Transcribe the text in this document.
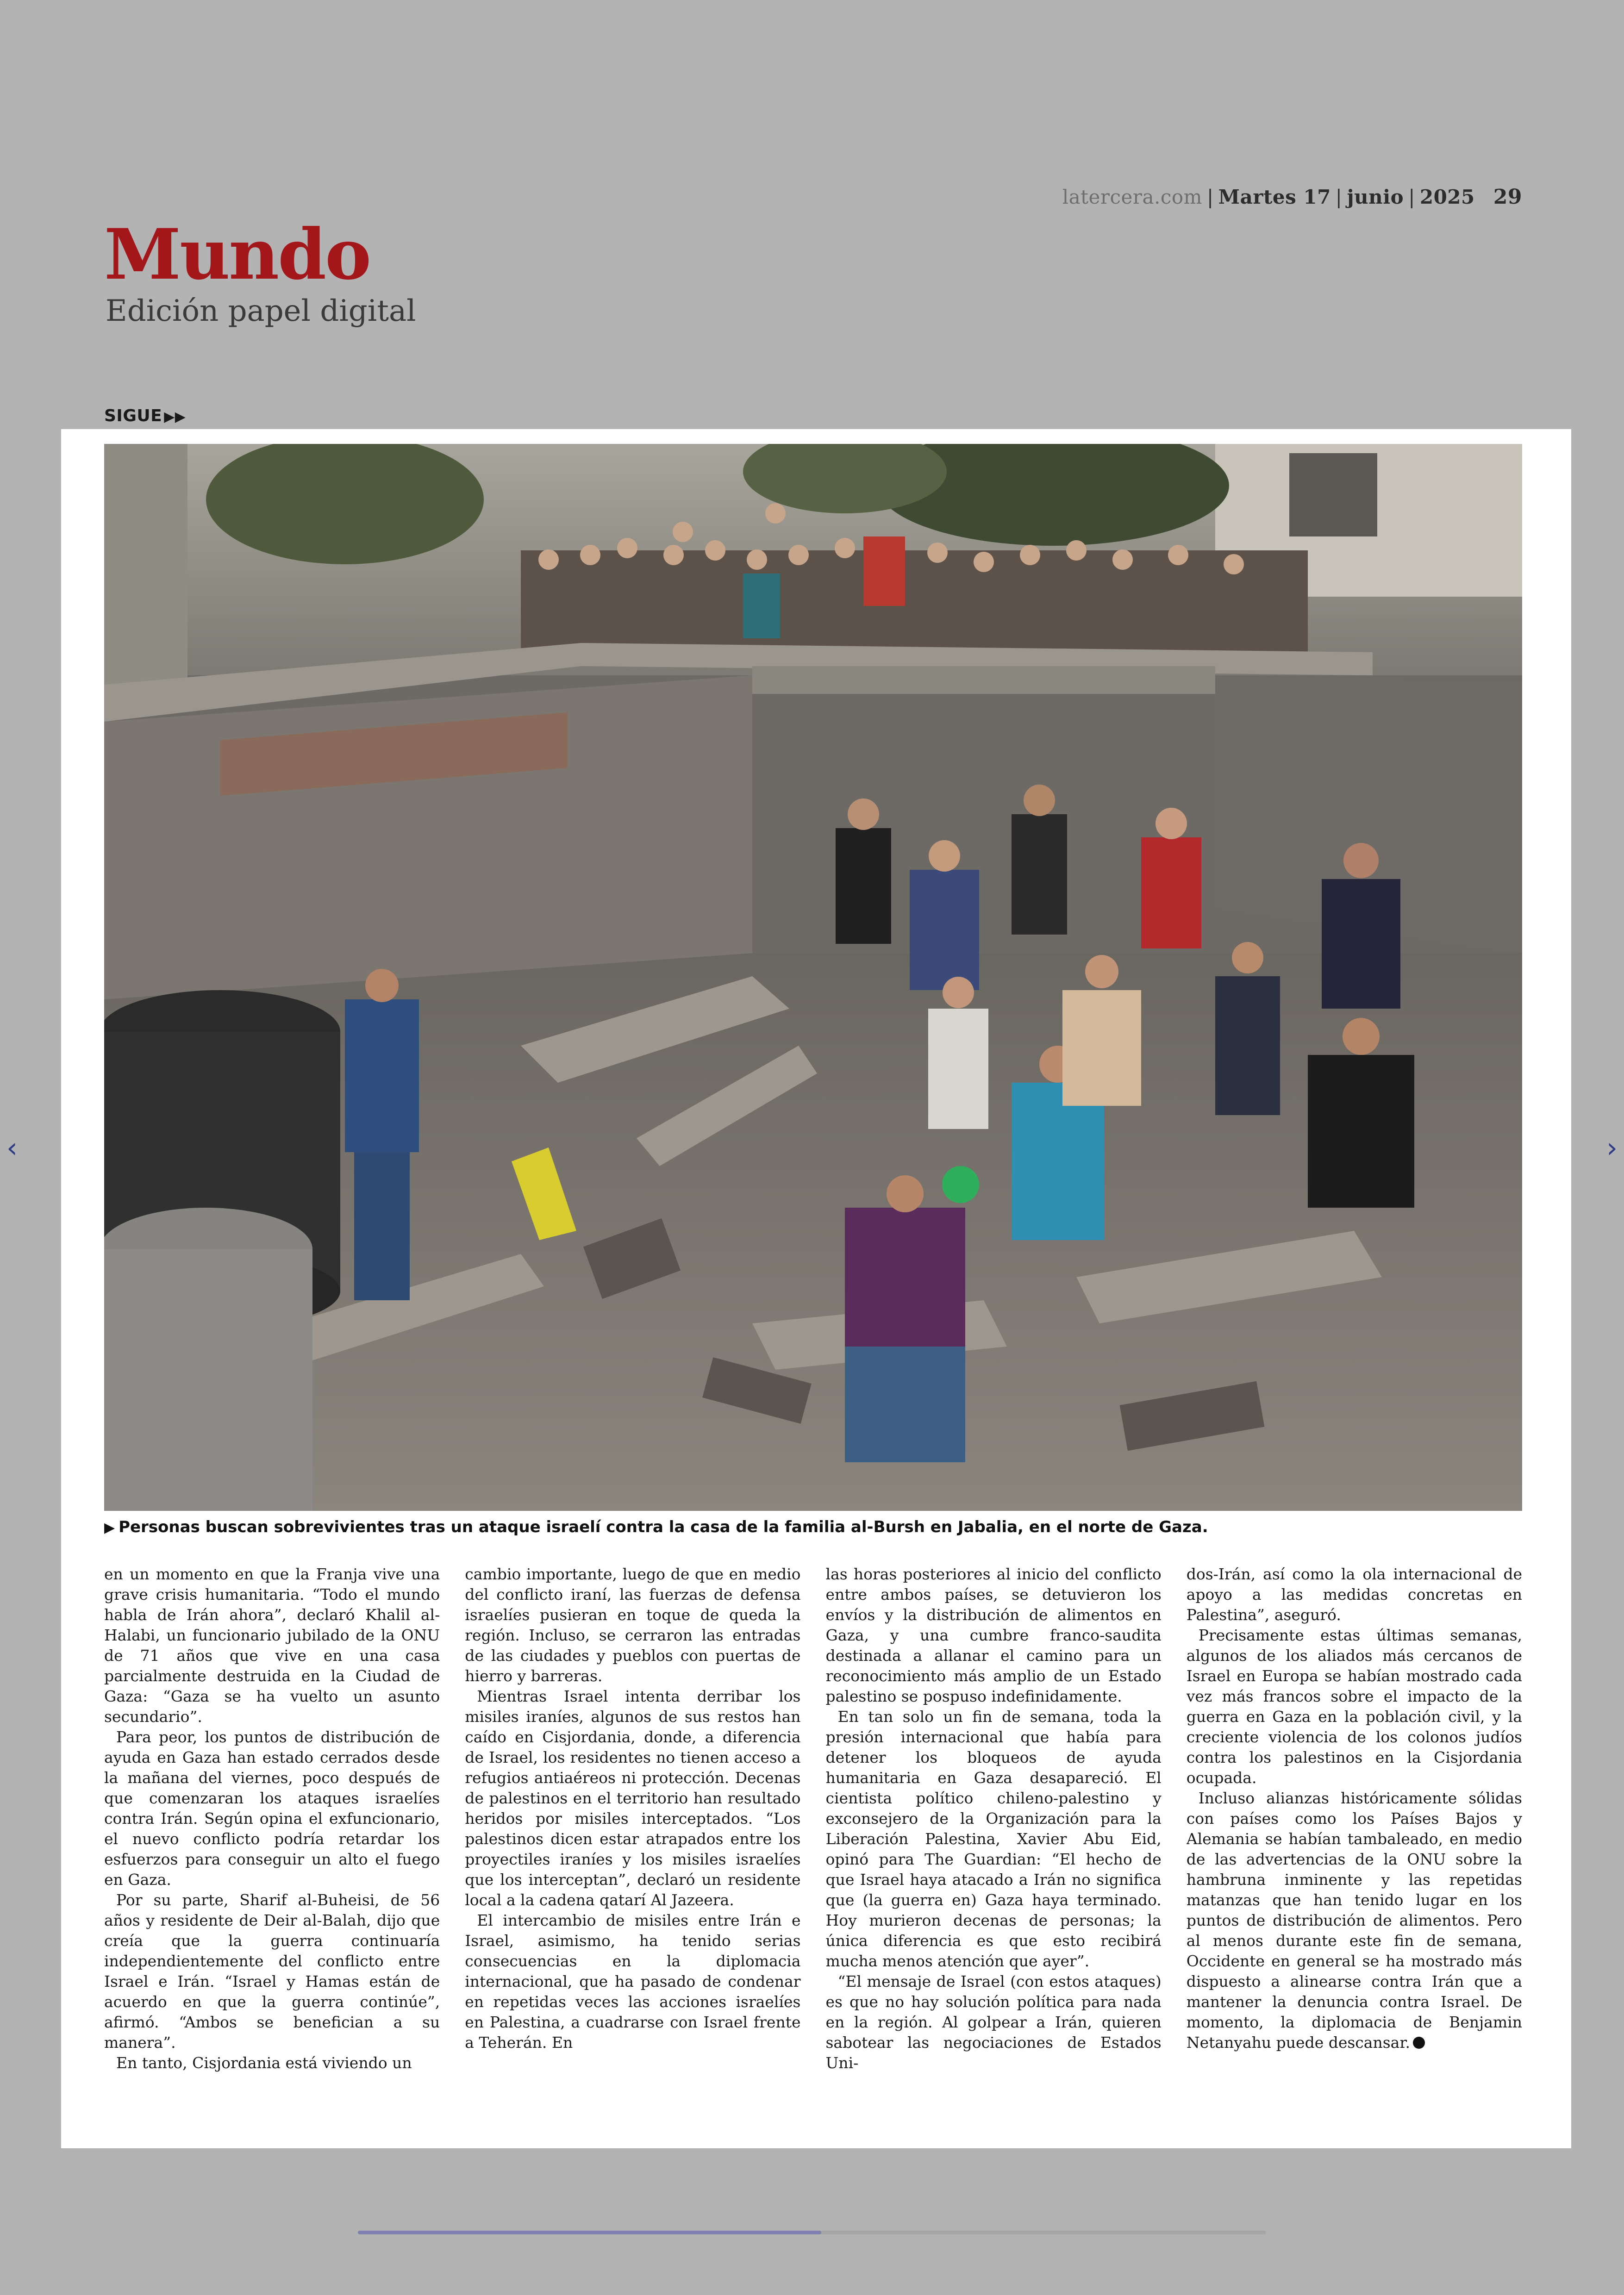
latercera.com | Martes 17 | junio | 2025 29
Mundo
Edición papel digital
SIGUE ▶▶
▶ Personas buscan sobrevivientes tras un ataque israelí contra la casa de la familia al-Bursh en Jabalia, en el norte de Gaza.

en un momento en que la Franja vive una grave crisis humanitaria. “Todo el mundo habla de Irán ahora”, declaró Khalil al-Halabi, un funcionario jubilado de la ONU de 71 años que vive en una casa parcialmente destruida en la Ciudad de Gaza: “Gaza se ha vuelto un asunto secundario”.

Para peor, los puntos de distribución de ayuda en Gaza han estado cerrados desde la mañana del viernes, poco después de que comenzaran los ataques israelíes contra Irán. Según opina el exfuncionario, el nuevo conflicto podría retardar los esfuerzos para conseguir un alto el fuego en Gaza.

Por su parte, Sharif al-Buheisi, de 56 años y residente de Deir al-Balah, dijo que creía que la guerra continuaría independientemente del conflicto entre Israel e Irán. “Israel y Hamas están de acuerdo en que la guerra continúe”, afirmó. “Ambos se benefician a su manera”.

En tanto, Cisjordania está viviendo un

cambio importante, luego de que en medio del conflicto iraní, las fuerzas de defensa israelíes pusieran en toque de queda la región. Incluso, se cerraron las entradas de las ciudades y pueblos con puertas de hierro y barreras.

Mientras Israel intenta derribar los misiles iraníes, algunos de sus restos han caído en Cisjordania, donde, a diferencia de Israel, los residentes no tienen acceso a refugios antiaéreos ni protección. Decenas de palestinos en el territorio han resultado heridos por misiles interceptados. “Los palestinos dicen estar atrapados entre los proyectiles iraníes y los misiles israelíes que los interceptan”, declaró un residente local a la cadena qatarí Al Jazeera.

El intercambio de misiles entre Irán e Israel, asimismo, ha tenido serias consecuencias en la diplomacia internacional, que ha pasado de condenar en repetidas veces las acciones israelíes en Palestina, a cuadrarse con Israel frente a Teherán. En

las horas posteriores al inicio del conflicto entre ambos países, se detuvieron los envíos y la distribución de alimentos en Gaza, y una cumbre franco-saudita destinada a allanar el camino para un reconocimiento más amplio de un Estado palestino se pospuso indefinidamente.

En tan solo un fin de semana, toda la presión internacional que había para detener los bloqueos de ayuda humanitaria en Gaza desapareció. El cientista político chileno-palestino y exconsejero de la Organización para la Liberación Palestina, Xavier Abu Eid, opinó para The Guardian: “El hecho de que Israel haya atacado a Irán no significa que (la guerra en) Gaza haya terminado. Hoy murieron decenas de personas; la única diferencia es que esto recibirá mucha menos atención que ayer”.

“El mensaje de Israel (con estos ataques) es que no hay solución política para nada en la región. Al golpear a Irán, quieren sabotear las negociaciones de Estados Uni-

dos-Irán, así como la ola internacional de apoyo a las medidas concretas en Palestina”, aseguró.

Precisamente estas últimas semanas, algunos de los aliados más cercanos de Israel en Europa se habían mostrado cada vez más francos sobre el impacto de la guerra en Gaza en la población civil, y la creciente violencia de los colonos judíos contra los palestinos en la Cisjordania ocupada.

Incluso alianzas históricamente sólidas con países como los Países Bajos y Alemania se habían tambaleado, en medio de las advertencias de la ONU sobre la hambruna inminente y las repetidas matanzas que han tenido lugar en los puntos de distribución de alimentos. Pero al menos durante este fin de semana, Occidente en general se ha mostrado más dispuesto a alinearse contra Irán que a mantener la denuncia contra Israel. De momento, la diplomacia de Benjamin Netanyahu puede descansar.

‹	›
